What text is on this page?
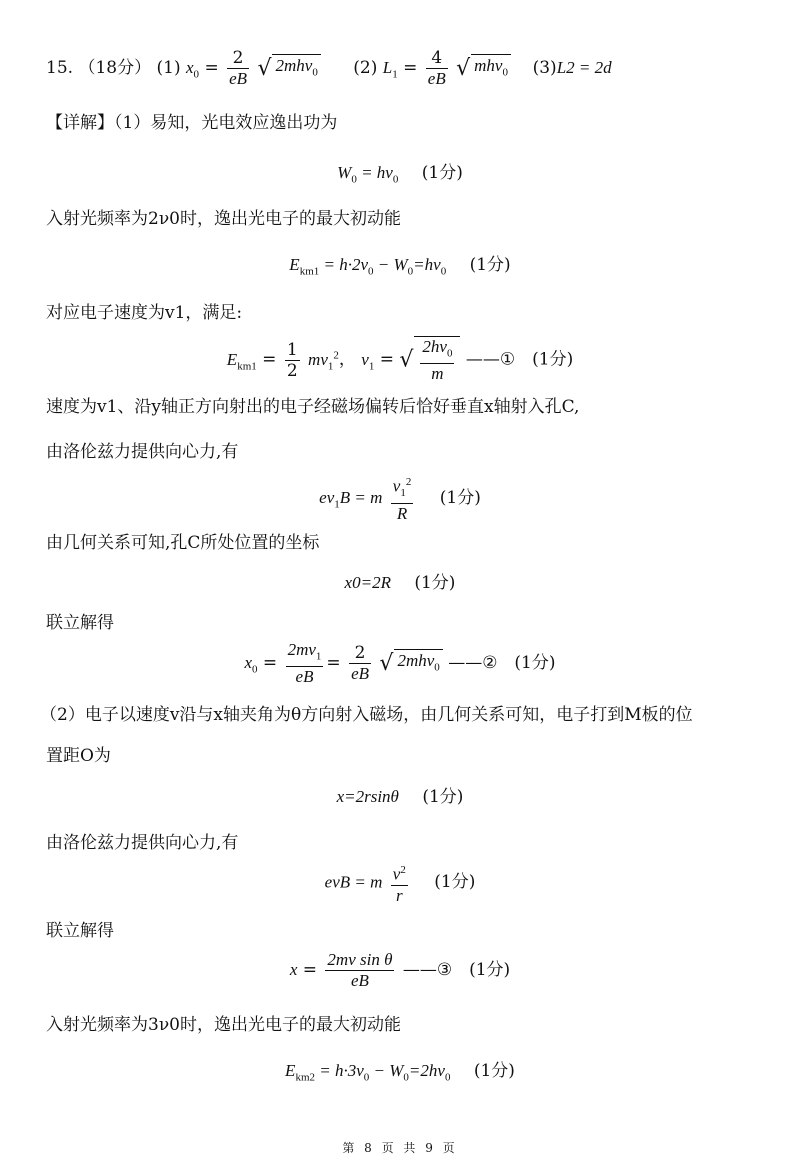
15. （18分） (1) $x_0 = \frac{2}{eB}$ √ 2mhν$_0$ (2) $L_1 = \frac{4}{eB}$ √ mhν$_0$ (3)L2 = 2d
【详解】（1）易知，光电效应逸出功为
$W_0 = h\nu_0$ (1分)
入射光频率为2ν0时，逸出光电子的最大初动能
$E_{km1} = h\cdot 2\nu_0 - W_0=h\nu_0$ (1分)
对应电子速度为v1，满足:
$E_{km1} = \frac{1}{2} mv_1^2$， $v_1$ = √ $\frac{2h\nu_0}{m}$ ——①　(1分)
速度为v1、沿y轴正方向射出的电子经磁场偏转后恰好垂直x轴射入孔C,
由洛伦兹力提供向心力,有
$ev_1B = m \frac{v_1^2}{R} (1$分)
由几何关系可知,孔C所处位置的坐标
x0=2R (1分)
联立解得
$x_0 = \frac{2mv_1}{eB} = \frac{2}{eB}$ √ 2mhν$_0$ ——②　(1分)
（2）电子以速度v沿与x轴夹角为θ方向射入磁场，由几何关系可知，电子打到M板的位
置距O为
x=2rsinθ (1分)
由洛伦兹力提供向心力,有
evB = m $\frac{v^2}{r} (1$分)
联立解得
$x = \frac{\text{2mv sin θ}}{eB}$ ——③　(1分)
入射光频率为3ν0时，逸出光电子的最大初动能
$E_{km2} = h\cdot 3\nu_0 - W_0=2h\nu_0$ (1分)
第 8 页 共 9 页
